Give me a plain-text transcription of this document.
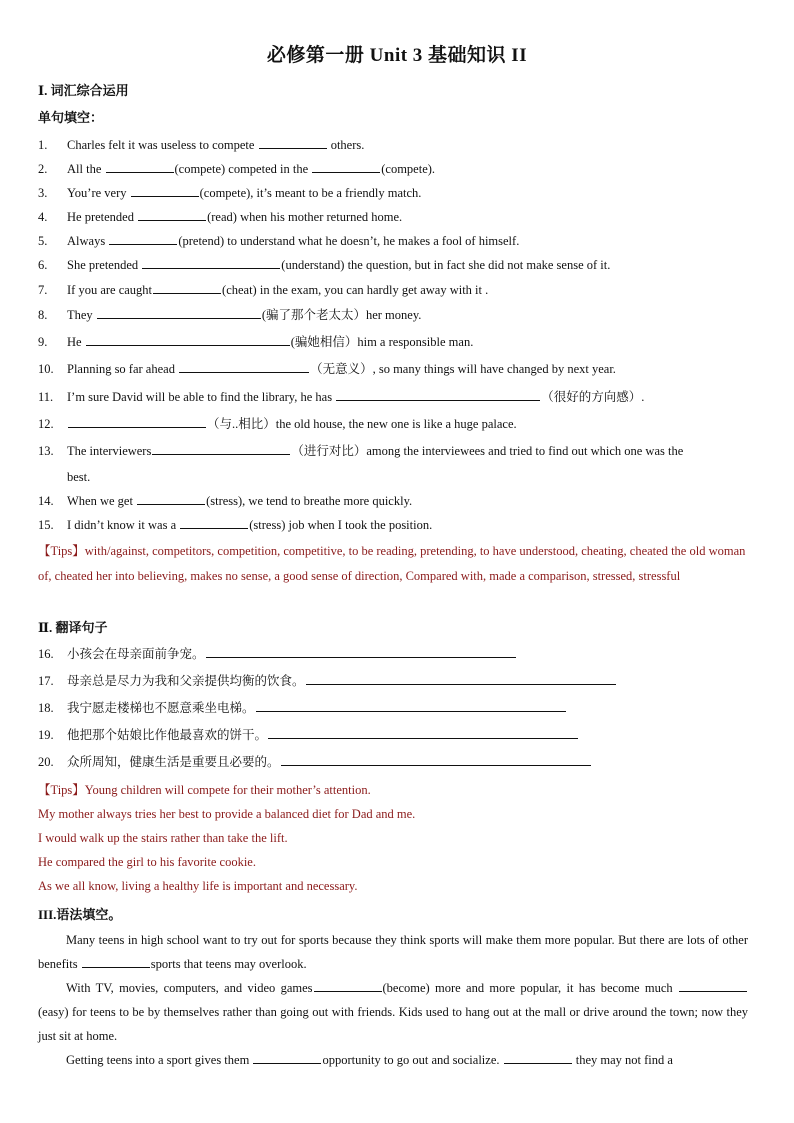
必修第一册 Unit 3 基础知识 II
Ⅰ. 词汇综合运用
单句填空：
1. Charles felt it was useless to compete	others.
2. All the	(compete) competed in the	(compete).
3. You’re very	(compete), it’s meant to be a friendly match.
4. He pretended	(read) when his mother returned home.
5. Always	(pretend) to understand what he doesn’t, he makes a fool of himself.
6. She pretended	(understand) the question, but in fact she did not make sense of it.
7. If you are caught	(cheat) in the exam, you can hardly get away with it .
8. They	(骗了那个老太太）her money.
9. He	(骗她相信）him a responsible man.
10. Planning so far ahead	（无意义）, so many things will have changed by next year.
11. I’m sure David will be able to find the library, he has	（很好的方向感）.
12.	（与..相比）the old house, the new one is like a huge palace.
13. The interviewers	（进行对比）among the interviewees and tried to find out which one was the
best.
14. When we get	(stress), we tend to breathe more quickly.
15. I didn’t know it was a	(stress) job when I took the position.
【Tips】with/against, competitors, competition, competitive, to be reading, pretending, to have understood, cheating, cheated the old woman of, cheated her into believing, makes no sense, a good sense of direction, Compared with, made a comparison, stressed, stressful
Ⅱ. 翻译句子
16. 小孩会在母亲面前争宠。
17. 母亲总是尽力为我和父亲提供均衡的饮食。
18. 我宁愿走楼梯也不愿意乘坐电梯。
19. 他把那个姑娘比作他最喜欢的饼干。
20. 众所周知，健康生活是重要且必要的。
【Tips】Young children will compete for their mother’s attention.
My mother always tries her best to provide a balanced diet for Dad and me.
I would walk up the stairs rather than take the lift.
He compared the girl to his favorite cookie.
As we all know, living a healthy life is important and necessary.
III.语法填空。
Many teens in high school want to try out for sports because they think sports will make them more popular. But there are lots of other benefits	sports that teens may overlook.
With TV, movies, computers, and video games	(become) more and more popular, it has become much  (easy) for teens to be by themselves rather than going out with friends. Kids used to hang out at the mall or drive around the town; now they just sit at home.
Getting teens into a sport gives them	opportunity to go out and socialize.	they may not find a
